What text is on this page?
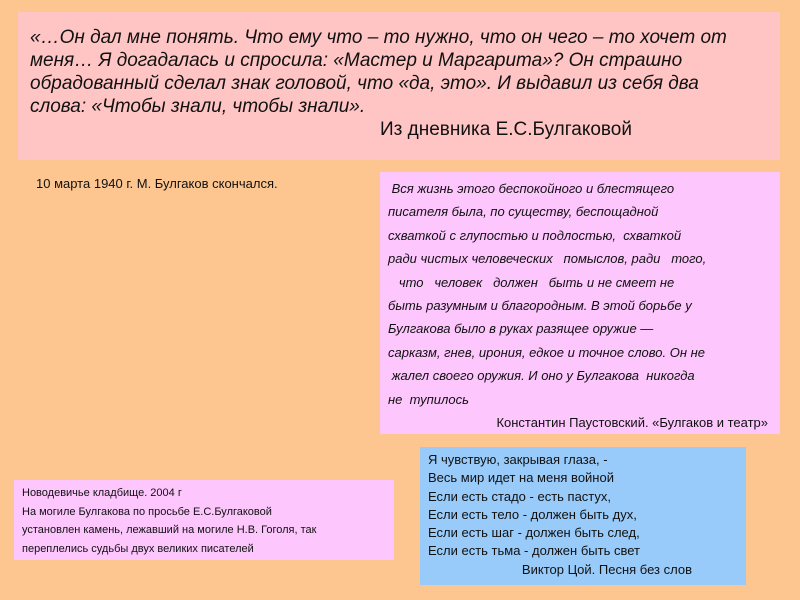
«…Он дал мне понять. Что ему что – то нужно, что он чего – то хочет от
меня… Я догадалась и спросила: «Мастер и Маргарита»? Он страшно
обрадованный сделал знак головой, что «да, это». И выдавил из себя два
слова: «Чтобы знали, чтобы знали».
Из дневника Е.С.Булгаковой
10 марта 1940 г. М. Булгаков скончался.	Вся жизнь этого беспокойного и блестящего
писателя была, по существу, беспощадной
схваткой с глупостью и подлостью,  схваткой
ради чистых человеческих   помыслов, ради   того,
что   человек   должен   быть и не смеет не
быть разумным и благородным. В этой борьбе у
Булгакова было в руках разящее оружие —
сарказм, гнев, ирония, едкое и точное слово. Он не
жалел своего оружия. И оно у Булгакова  никогда
не  тупилось
Константин Паустовский. «Булгаков и театр»
Новодевичье кладбище. 2004 г
На могиле Булгакова по просьбе Е.С.Булгаковой
установлен камень, лежавший на могиле Н.В. Гоголя, так
переплелись судьбы двух великих писателей
Я чувствую, закрывая глаза, -
Весь мир идет на меня войной
Если есть стадо - есть пастух,
Если есть тело - должен быть дух,
Если есть шаг - должен быть след,
Если есть тьма - должен быть свет
Виктор Цой. Песня без слов
